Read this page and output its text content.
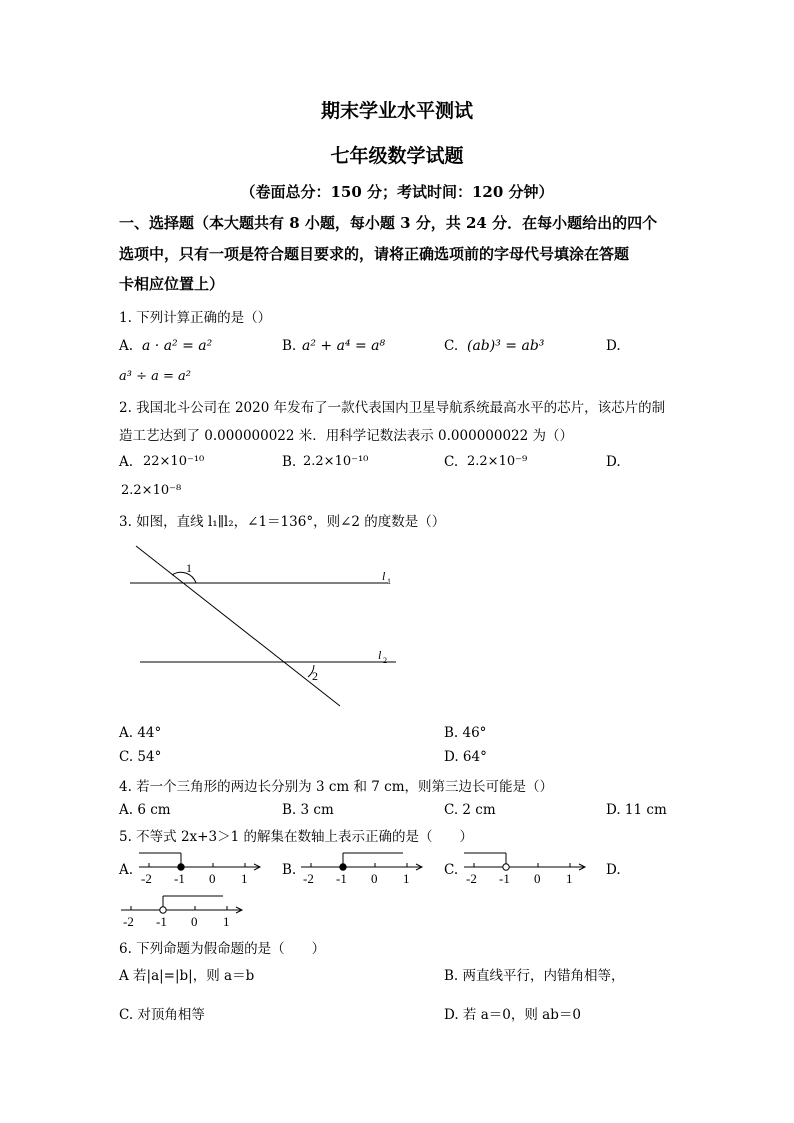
期末学业水平测试
七年级数学试题
（卷面总分：150 分；考试时间：120 分钟）
一、选择题（本大题共有 8 小题，每小题 3 分，共 24 分．在每小题给出的四个
选项中，只有一项是符合题目要求的，请将正确选项前的字母代号填涂在答题
卡相应位置上）
1. 下列计算正确的是（）
A. a · a² = a²	B. a² + a⁴ = a⁸	C. (ab)³ = ab³	D.
a³ ÷ a = a²
2. 我国北斗公司在 2020 年发布了一款代表国内卫星导航系统最高水平的芯片，该芯片的制
造工艺达到了 0.000000022 米．用科学记数法表示 0.000000022 为（）
A. 22×10⁻¹⁰	B. 2.2×10⁻¹⁰	C. 2.2×10⁻⁹	D.
2.2×10⁻⁸
3. 如图，直线 l₁∥l₂，∠1＝136°，则∠2 的度数是（）
1
2
l 1
l 2
A. 44°	B. 46°
C. 54°	D. 64°
4. 若一个三角形的两边长分别为 3 cm 和 7 cm，则第三边长可能是（）
A. 6 cm	B. 3 cm	C. 2 cm	D. 11 cm
5. 不等式 2x+3＞1 的解集在数轴上表示正确的是（　　）
A.
-2 -1 0 1
B.
-2 -1 0 1
C.
-2 -1 0 1
D.
-2 -1 0 1
6. 下列命题为假命题的是（　　）
A 若|a|=|b|，则 a＝b	B. 两直线平行，内错角相等，
C. 对顶角相等	D. 若 a＝0，则 ab＝0
